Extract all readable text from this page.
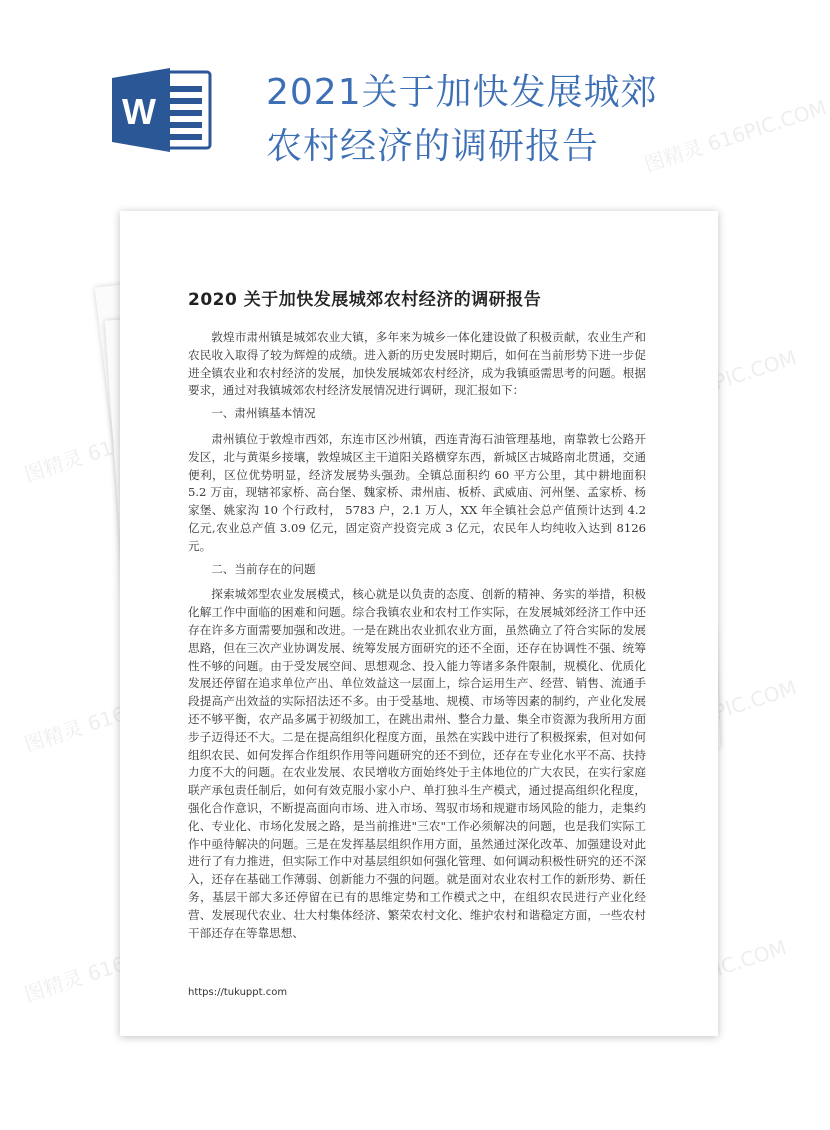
W	2021关于加快发展城郊农村经济的调研报告	图精灵 616PIC.COM
图精灵
616PIC.COM
图精灵 616PIC.COM	616PIC.COM
图精灵 616PIC.COM	616PIC.COM
2020 关于加快发展城郊农村经济的调研报告

敦煌市肃州镇是城郊农业大镇，多年来为城乡一体化建设做了积极贡献，农业生产和农民收入取得了较为辉煌的成绩。进入新的历史发展时期后，如何在当前形势下进一步促进全镇农业和农村经济的发展，加快发展城郊农村经济，成为我镇亟需思考的问题。根据要求，通过对我镇城郊农村经济发展情况进行调研，现汇报如下：

一、肃州镇基本情况

肃州镇位于敦煌市西郊，东连市区沙州镇，西连青海石油管理基地，南靠敦七公路开发区，北与黄渠乡接壤，敦煌城区主干道阳关路横穿东西，新城区古城路南北贯通，交通便利，区位优势明显，经济发展势头强劲。全镇总面积约 60 平方公里，其中耕地面积 5.2 万亩，现辖祁家桥、高台堡、魏家桥、肃州庙、板桥、武威庙、河州堡、孟家桥、杨家堡、姚家沟 10 个行政村， 5783 户，2.1 万人，XX 年全镇社会总产值预计达到 4.2 亿元,农业总产值 3.09 亿元，固定资产投资完成 3 亿元，农民年人均纯收入达到 8126 元。

二、当前存在的问题

探索城郊型农业发展模式，核心就是以负责的态度、创新的精神、务实的举措，积极化解工作中面临的困难和问题。综合我镇农业和农村工作实际，在发展城郊经济工作中还存在许多方面需要加强和改进。一是在跳出农业抓农业方面，虽然确立了符合实际的发展思路，但在三次产业协调发展、统筹发展方面研究的还不全面，还存在协调性不强、统筹性不够的问题。由于受发展空间、思想观念、投入能力等诸多条件限制，规模化、优质化发展还停留在追求单位产出、单位效益这一层面上，综合运用生产、经营、销售、流通手段提高产出效益的实际招法还不多。由于受基地、规模、市场等因素的制约，产业化发展还不够平衡，农产品多属于初级加工，在跳出肃州、整合力量、集全市资源为我所用方面步子迈得还不大。二是在提高组织化程度方面，虽然在实践中进行了积极探索，但对如何组织农民、如何发挥合作组织作用等问题研究的还不到位，还存在专业化水平不高、扶持力度不大的问题。在农业发展、农民增收方面始终处于主体地位的广大农民，在实行家庭联产承包责任制后，如何有效克服小家小户、单打独斗生产模式，通过提高组织化程度，强化合作意识，不断提高面向市场、进入市场、驾驭市场和规避市场风险的能力，走集约化、专业化、市场化发展之路，是当前推进"三农"工作必须解决的问题，也是我们实际工作中亟待解决的问题。三是在发挥基层组织作用方面，虽然通过深化改革、加强建设对此进行了有力推进，但实际工作中对基层组织如何强化管理、如何调动积极性研究的还不深入，还存在基础工作薄弱、创新能力不强的问题。就是面对农业农村工作的新形势、新任务，基层干部大多还停留在已有的思维定势和工作模式之中，在组织农民进行产业化经营、发展现代农业、壮大村集体经济、繁荣农村文化、维护农村和谐稳定方面，一些农村干部还存在等靠思想、

https://tukuppt.com
